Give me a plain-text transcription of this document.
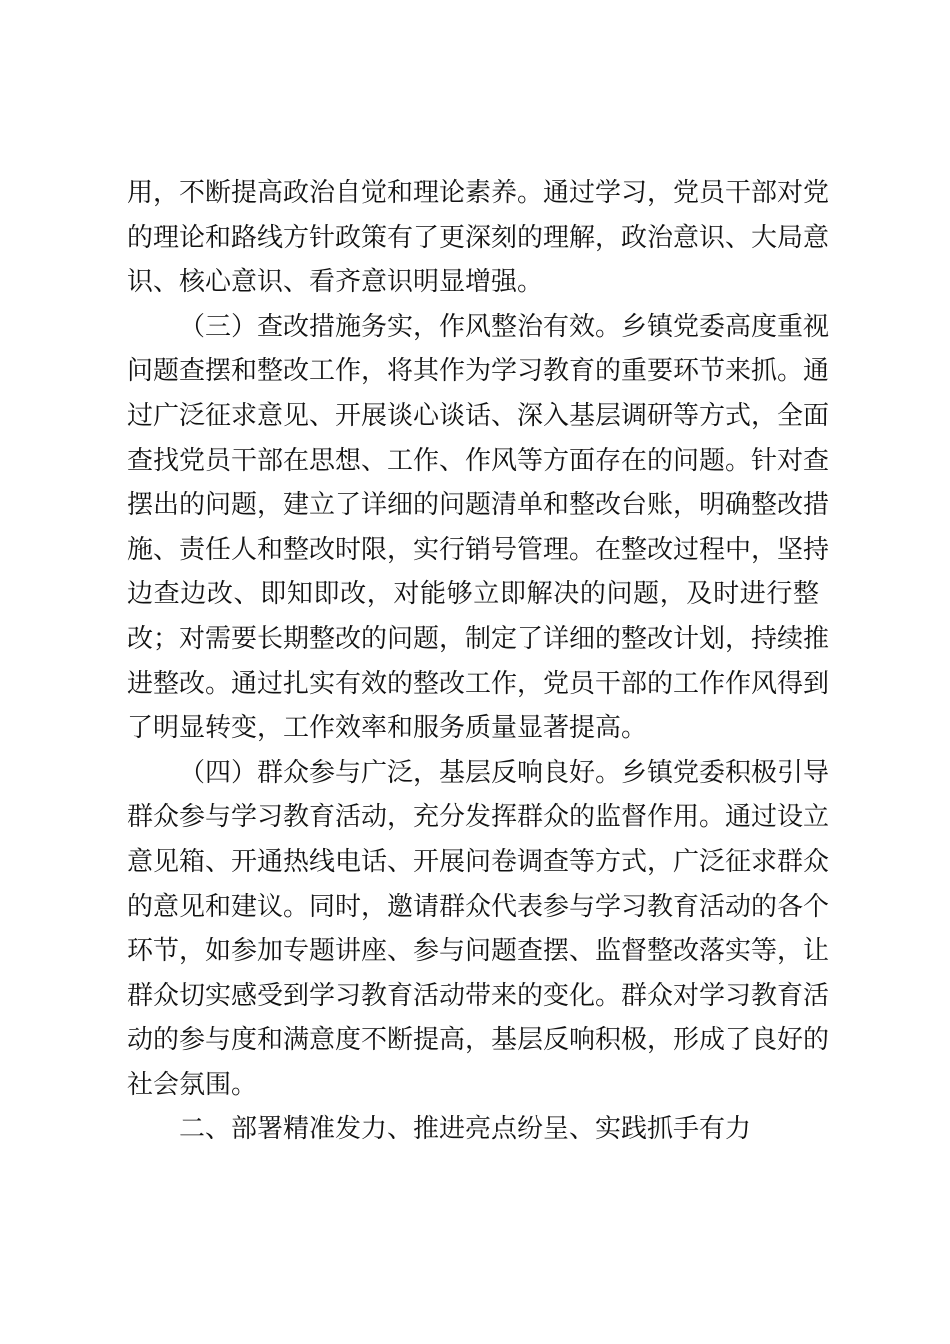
用，不断提高政治自觉和理论素养。通过学习，党员干部对党
的理论和路线方针政策有了更深刻的理解，政治意识、大局意
识、核心意识、看齐意识明显增强。
（三）查改措施务实，作风整治有效。乡镇党委高度重视
问题查摆和整改工作，将其作为学习教育的重要环节来抓。通
过广泛征求意见、开展谈心谈话、深入基层调研等方式，全面
查找党员干部在思想、工作、作风等方面存在的问题。针对查
摆出的问题，建立了详细的问题清单和整改台账，明确整改措
施、责任人和整改时限，实行销号管理。在整改过程中，坚持
边查边改、即知即改，对能够立即解决的问题，及时进行整
改；对需要长期整改的问题，制定了详细的整改计划，持续推
进整改。通过扎实有效的整改工作，党员干部的工作作风得到
了明显转变，工作效率和服务质量显著提高。
（四）群众参与广泛，基层反响良好。乡镇党委积极引导
群众参与学习教育活动，充分发挥群众的监督作用。通过设立
意见箱、开通热线电话、开展问卷调查等方式，广泛征求群众
的意见和建议。同时，邀请群众代表参与学习教育活动的各个
环节，如参加专题讲座、参与问题查摆、监督整改落实等，让
群众切实感受到学习教育活动带来的变化。群众对学习教育活
动的参与度和满意度不断提高，基层反响积极，形成了良好的
社会氛围。
二、部署精准发力、推进亮点纷呈、实践抓手有力
